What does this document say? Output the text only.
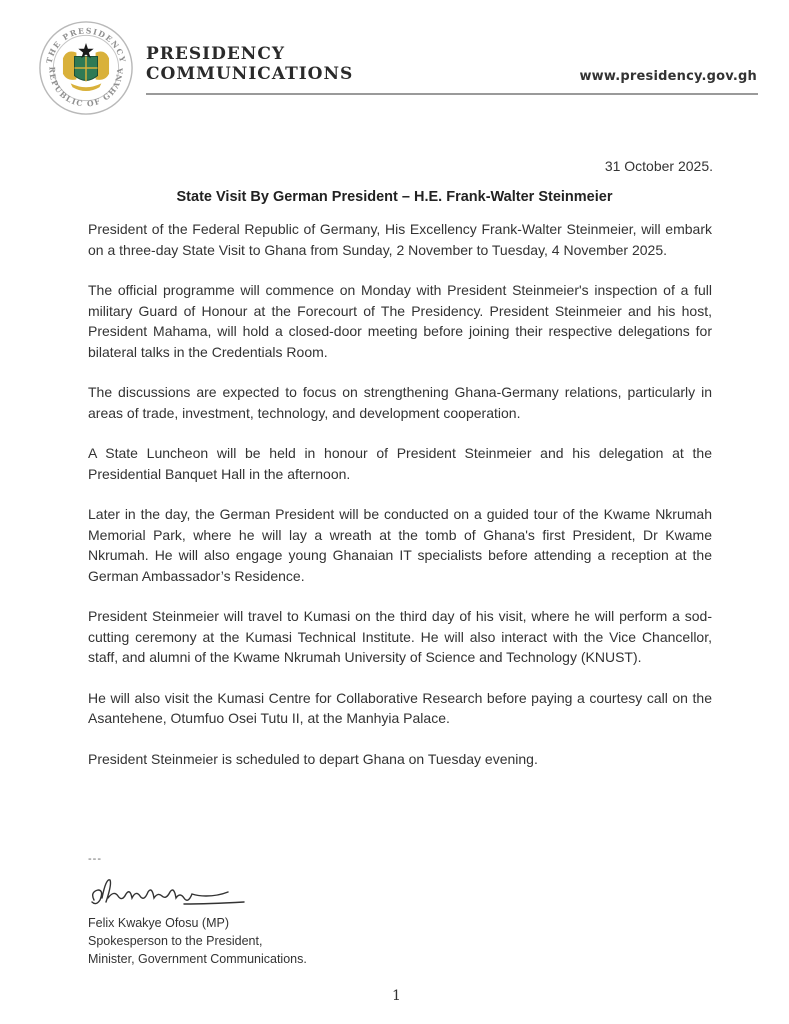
THE PRESIDENCY
REPUBLIC OF GHANA
PRESIDENCY
COMMUNICATIONS	www.presidency.gov.gh
31 October 2025.
State Visit By German President – H.E. Frank-Walter Steinmeier

President of the Federal Republic of Germany, His Excellency Frank-Walter Steinmeier, will embark on a three-day State Visit to Ghana from Sunday, 2 November to Tuesday, 4 November 2025.

The official programme will commence on Monday with President Steinmeier's inspection of a full military Guard of Honour at the Forecourt of The Presidency. President Steinmeier and his host, President Mahama, will hold a closed-door meeting before joining their respective delegations for bilateral talks in the Credentials Room.

The discussions are expected to focus on strengthening Ghana-Germany relations, particularly in areas of trade, investment, technology, and development cooperation.

A State Luncheon will be held in honour of President Steinmeier and his delegation at the Presidential Banquet Hall in the afternoon.

Later in the day, the German President will be conducted on a guided tour of the Kwame Nkrumah Memorial Park, where he will lay a wreath at the tomb of Ghana's first President, Dr Kwame Nkrumah. He will also engage young Ghanaian IT specialists before attending a reception at the German Ambassador’s Residence.

President Steinmeier will travel to Kumasi on the third day of his visit, where he will perform a sod-cutting ceremony at the Kumasi Technical Institute. He will also interact with the Vice Chancellor, staff, and alumni of the Kwame Nkrumah University of Science and Technology (KNUST).

He will also visit the Kumasi Centre for Collaborative Research before paying a courtesy call on the Asantehene, Otumfuo Osei Tutu II, at the Manhyia Palace.

President Steinmeier is scheduled to depart Ghana on Tuesday evening.

---
Felix Kwakye Ofosu (MP)
Spokesperson to the President,
Minister, Government Communications.
1
